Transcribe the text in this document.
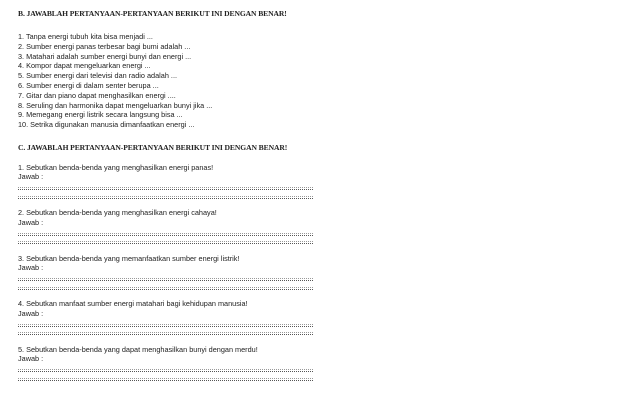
B. JAWABLAH PERTANYAAN-PERTANYAAN BERIKUT INI DENGAN BENAR!
1. Tanpa energi tubuh kita bisa menjadi ...
2. Sumber energi panas terbesar bagi bumi adalah ...
3. Matahari adalah sumber energi bunyi dan energi ...
4. Kompor dapat mengeluarkan energi ...
5. Sumber energi dari televisi dan radio adalah ...
6. Sumber energi di dalam senter berupa ...
7. Gitar dan piano dapat menghasilkan energi ....
8. Seruling dan harmonika dapat mengeluarkan bunyi jika ...
9. Memegang energi listrik secara langsung bisa ...
10. Setrika digunakan manusia dimanfaatkan energi ...
C. JAWABLAH PERTANYAAN-PERTANYAAN BERIKUT INI DENGAN BENAR!
1. Sebutkan benda-benda yang menghasilkan energi panas!
Jawab :
2. Sebutkan benda-benda yang menghasilkan energi cahaya!
Jawab :
3. Sebutkan benda-benda yang memanfaatkan sumber energi listrik!
Jawab :
4. Sebutkan manfaat sumber energi matahari bagi kehidupan manusia!
Jawab :
5. Sebutkan benda-benda yang dapat menghasilkan bunyi dengan merdu!
Jawab :
